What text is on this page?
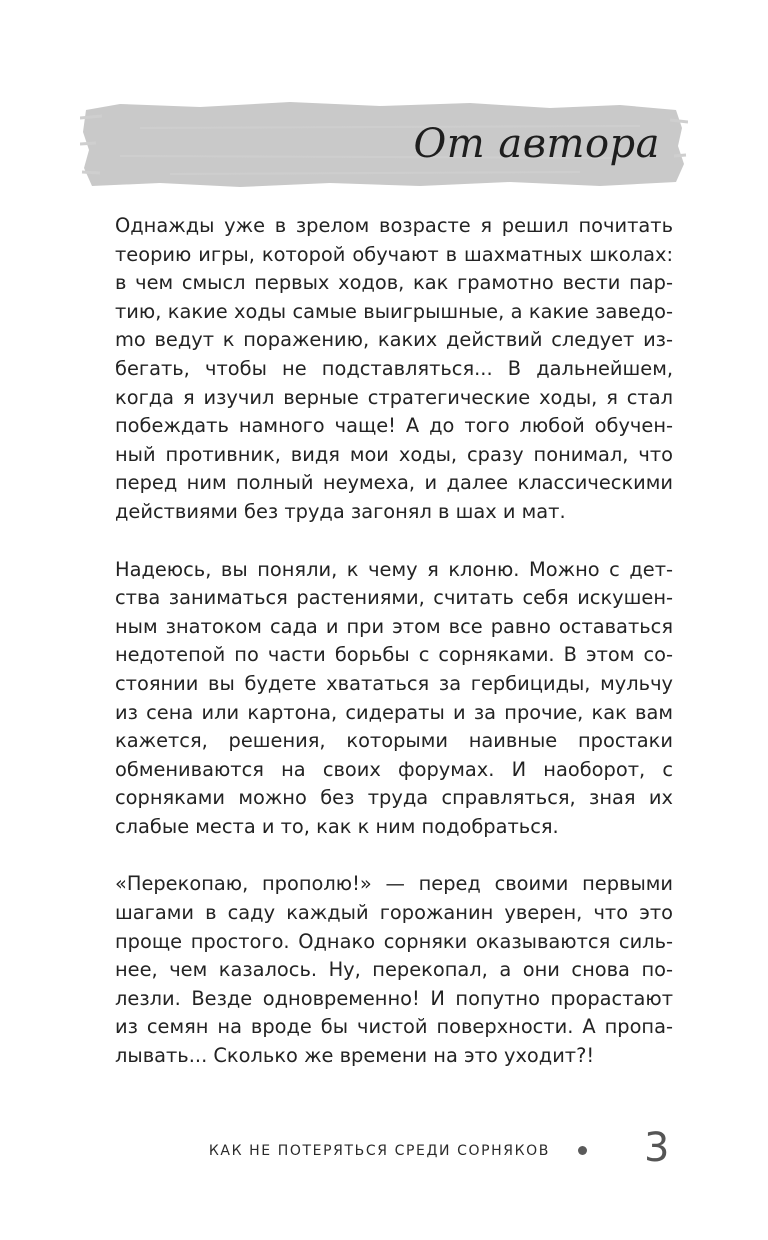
От автора

Однажды уже в зрелом возрасте я решил почитать теорию игры, которой обучают в шахматных школах: в чем смысл первых ходов, как грамотно вести партию, какие ходы самые выигрышные, а какие заведоmо ведут к поражению, каких действий следует избегать, чтобы не подставляться... В дальнейшем, когда я изучил верные стратегические ходы, я стал побеждать намного чаще! А до того любой обученный противник, видя мои ходы, сразу понимал, что перед ним полный неумеха, и далее классическими действиями без труда загонял в шах и мат.

Надеюсь, вы поняли, к чему я клоню. Можно с детства заниматься растениями, считать себя искушенным знатоком сада и при этом все равно оставаться недотепой по части борьбы с сорняками. В этом состоянии вы будете хвататься за гербициды, мульчу из сена или картона, сидераты и за прочие, как вам кажется, решения, которыми наивные простаки обмениваются на своих форумах. И наоборот, с сорняками можно без труда справляться, зная их слабые места и то, как к ним подобраться.

«Перекопаю, прополю!» — перед своими первыми шагами в саду каждый горожанин уверен, что это проще простого. Однако сорняки оказываются сильнее, чем казалось. Ну, перекопал, а они снова полезли. Везде одновременно! И попутно прорастают из семян на вроде бы чистой поверхности. А пропалывать... Сколько же времени на это уходит?!

КАК НЕ ПОТЕРЯТЬСЯ СРЕДИ СОРНЯКОВ 3
